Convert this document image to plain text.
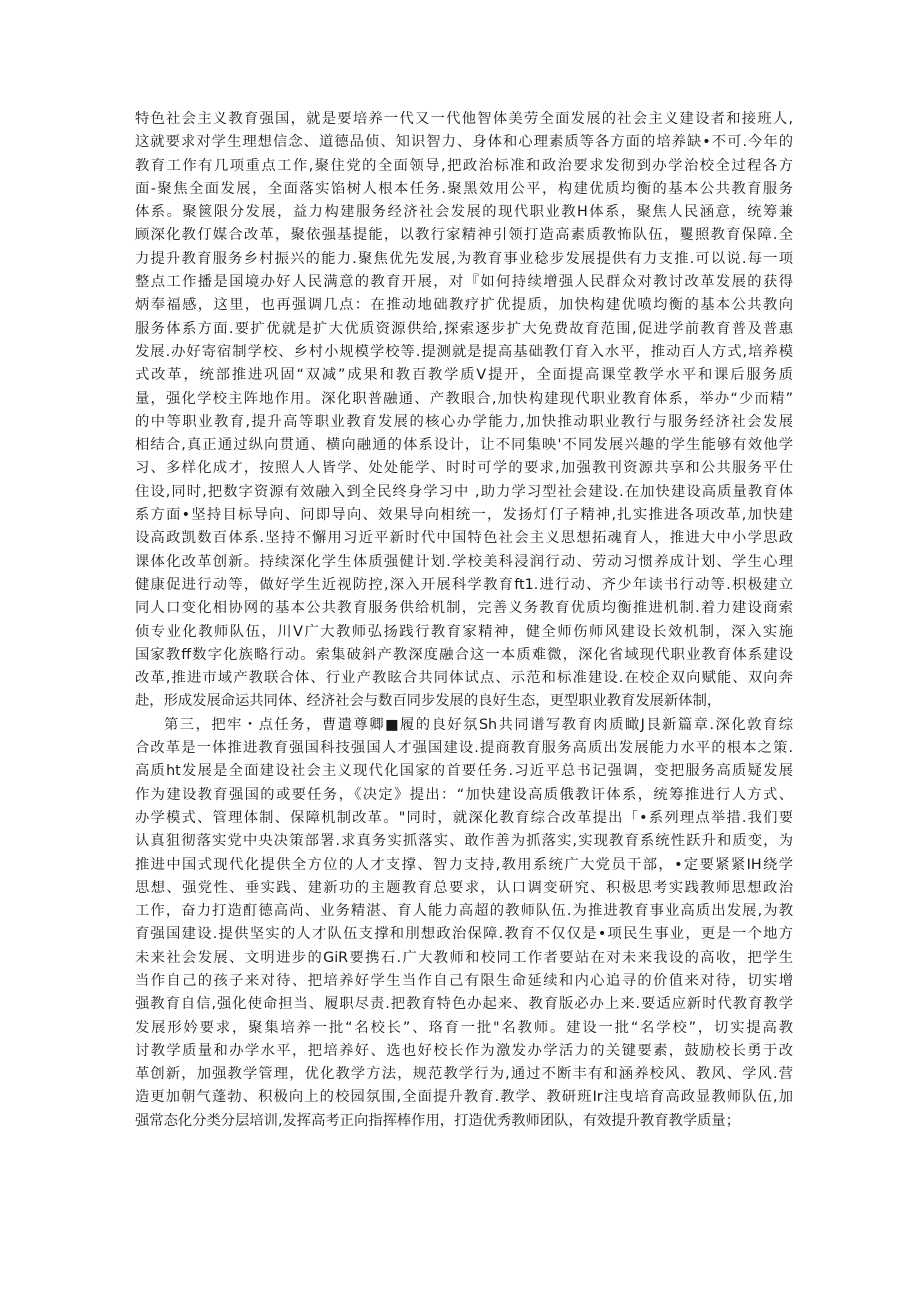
特色社会主义教育强国，就是要培养一代又一代他智体美劳全面发展的社会主义建设者和接班人,
这就要求对学生理想信念、道德品侦、知识智力、身体和心理素质等各方面的培养缺•不可.今年的
教育工作有几项重点工作,聚住党的全面领导,把政治标准和政治要求发彻到办学治校全过程各方
面-聚焦全面发展，全面落实馅树人根本任务.聚黑效用公平，构建优质均衡的基本公共教育服务
体系。聚篋限分发展，益力构建服务经济社会发展的现代职业教H体系，聚焦人民涵意，统筹兼
顾深化教仃媒合改革，聚依强基提能，以教行家精神引领打造高素质教怖队伍，矍照教育保障.全
力提升教育服务乡村振兴的能力.聚焦优先发展,为教育事业稔步发展提供有力支推.可以说.每一项
整点工作播是国境办好人民满意的教育开展，对『如何持续增强人民群众对教讨改革发展的获得
炳奉福感，这里，也再强调几点：在推动地础教疗扩优提质，加快构建优喷均衡的基本公共教向
服务体系方面.要扩优就是扩大优质资源供给,探索逐步扩大免费故育范围,促进学前教育普及普惠
发展.办好寄宿制学校、乡村小规模学校等.提测就是提高基础教仃育入水平，推动百人方式,培养模
式改革，统部推进巩固“双减”成果和教百教学质V提开，全面提高课堂教学水平和课后服务质
量，强化学校主阵地作用。深化职普融通、产教眼合,加快构建现代职业教育体系，举办“少而精”
的中等职业教育,提升高等职业教育发展的核心办学能力,加快推动职业教行与服务经济社会发展
相结合,真正通过纵向贯通、横向融通的体系设计，让不同集映'不同发展兴趣的学生能够有效他学
习、多样化成才，按照人人皆学、处处能学、时时可学的要求,加强教刊资源共享和公共服务平仕
住设,同时,把数字资源有效融入到全民终身学习中 ,助力学习型社会建设.在加快建设高质量教育体
系方面•坚持目标导向、问即导向、效果导向相统一，发扬灯仃子精神,扎实推进各项改革,加快建
设高政凯数百体系.坚持不懈用习近平新时代中国特色社会主义思想拓魂育人，推进大中小学思政
课体化改革创新。持续深化学生体质强健计划.学校美科浸润行动、劳动习惯养成计划、学生心理
健康促进行动等，做好学生近视防控,深入开展科学教育ft1.进行动、齐少年读书行动等.枳极建立
同人口变化相协网的基本公共教育服务供给机制，完善义务教育优质均衡推进机制.着力建设商索
侦专业化教师队伍，川V广大教师弘扬践行教育家精神，健全师伤师风建设长效机制，深入实施
国家教ff数字化族略行动。索集破斜产教深度融合这一本质难微，深化省域现代职业教育体系建设
改革,推进市域产教联合体、行业产教眩合共同体试点、示范和标准建设.在校企双向赋能、双向奔
赴，形成发展命运共同体、经济社会与数百同步发展的良好生态，更型职业教育发展新体制，
第三，把牢・点任务，曹遣尊卿■履的良好氛Sh共同谱写教育肉质瞰J艮新篇章.深化敦育综
合改革是一体推进教育强国科技强国人才强国建设.提商教育服务高质出发展能力水平的根本之策.
高质ht发展是全面建设社会主义现代化国家的首要任务.习近平总书记强调，变把服务高质疑发展
作为建设教育强国的或要任务，《决定》提出：“加快建设高质俄教讦体系，统筹推进行人方式、
办学模式、管理体制、保障机制改革。"同时，就深化教育综合改革提出「•系列理点举措.我们要
认真狙彻落实党中央决策部署.求真务实抓落实、敢作善为抓落实,实现教育系统性跃升和质变，为
推进中国式现代化提供全方位的人才支撑、智力支持,教用系统广大党员干部，•定要紧紧IH绕学
思想、强党性、垂实践、建新功的主题教育总要求，认口调变研究、积极思考实践教师思想政治
工作，奋力打造酊德高尚、业务精湛、育人能力高超的教师队伍.为推进教育事业高质出发展,为教
育强国建设.提供坚实的人才队伍支撑和刖想政治保障.教育不仅仅是•项民生事业，更是一个地方
未来社会发展、文明进步的GiR要携石.广大教师和校同工作者要站在对未来我设的高收，把学生
当作自己的孩子来对待、把培养好学生当作自己有限生命延续和内心追寻的价值来对待，切实增
强教育自信,强化使命担当、履职尽责.把教育特色办起来、教育版必办上来.要适应新时代教育教学
发展形妗要求，聚集培养一批“名校长”、珞育一批"名教师。建设一批“名学校”，切实提高教
讨教学质量和办学水平，把培养好、选也好校长作为激发办学活力的关键要素，鼓励校长勇于改
革创新，加强教学管理，优化教学方法，规范教学行为,通过不断丰有和涵养校风、教风、学风.营
造更加朝气蓬勃、积极向上的校园氛围,全面提升教育.教学、教研班Ir注曳培育高政显教师队伍,加
强常态化分类分层培训,发挥高考正向指挥棒作用，打造优秀教师团队，有效提升教育教学质量；
